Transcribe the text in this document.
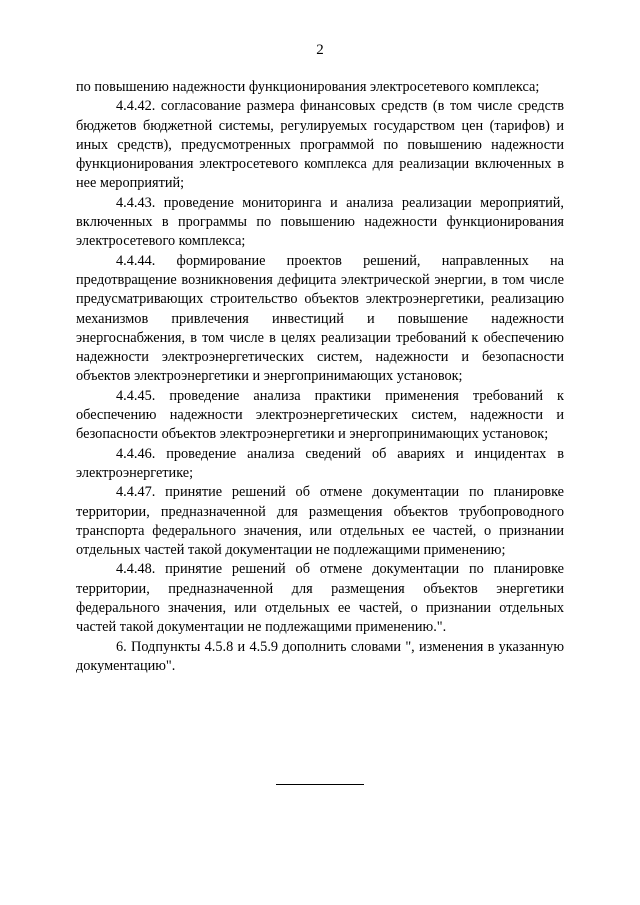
2

по повышению надежности функционирования электросетевого комплекса;

4.4.42. согласование размера финансовых средств (в том числе средств бюджетов бюджетной системы, регулируемых государством цен (тарифов) и иных средств), предусмотренных программой по повышению надежности функционирования электросетевого комплекса для реализации включенных в нее мероприятий;

4.4.43. проведение мониторинга и анализа реализации мероприятий, включенных в программы по повышению надежности функционирования электросетевого комплекса;

4.4.44. формирование проектов решений, направленных на предотвращение возникновения дефицита электрической энергии, в том числе предусматривающих строительство объектов электроэнергетики, реализацию механизмов привлечения инвестиций и повышение надежности энергоснабжения, в том числе в целях реализации требований к обеспечению надежности электроэнергетических систем, надежности и безопасности объектов электроэнергетики и энергопринимающих установок;

4.4.45. проведение анализа практики применения требований к обеспечению надежности электроэнергетических систем, надежности и безопасности объектов электроэнергетики и энергопринимающих установок;

4.4.46. проведение анализа сведений об авариях и инцидентах в электроэнергетике;

4.4.47. принятие решений об отмене документации по планировке территории, предназначенной для размещения объектов трубопроводного транспорта федерального значения, или отдельных ее частей, о признании отдельных частей такой документации не подлежащими применению;

4.4.48. принятие решений об отмене документации по планировке территории, предназначенной для размещения объектов энергетики федерального значения, или отдельных ее частей, о признании отдельных частей такой документации не подлежащими применению.".

6. Подпункты 4.5.8 и 4.5.9 дополнить словами ", изменения в указанную документацию".
